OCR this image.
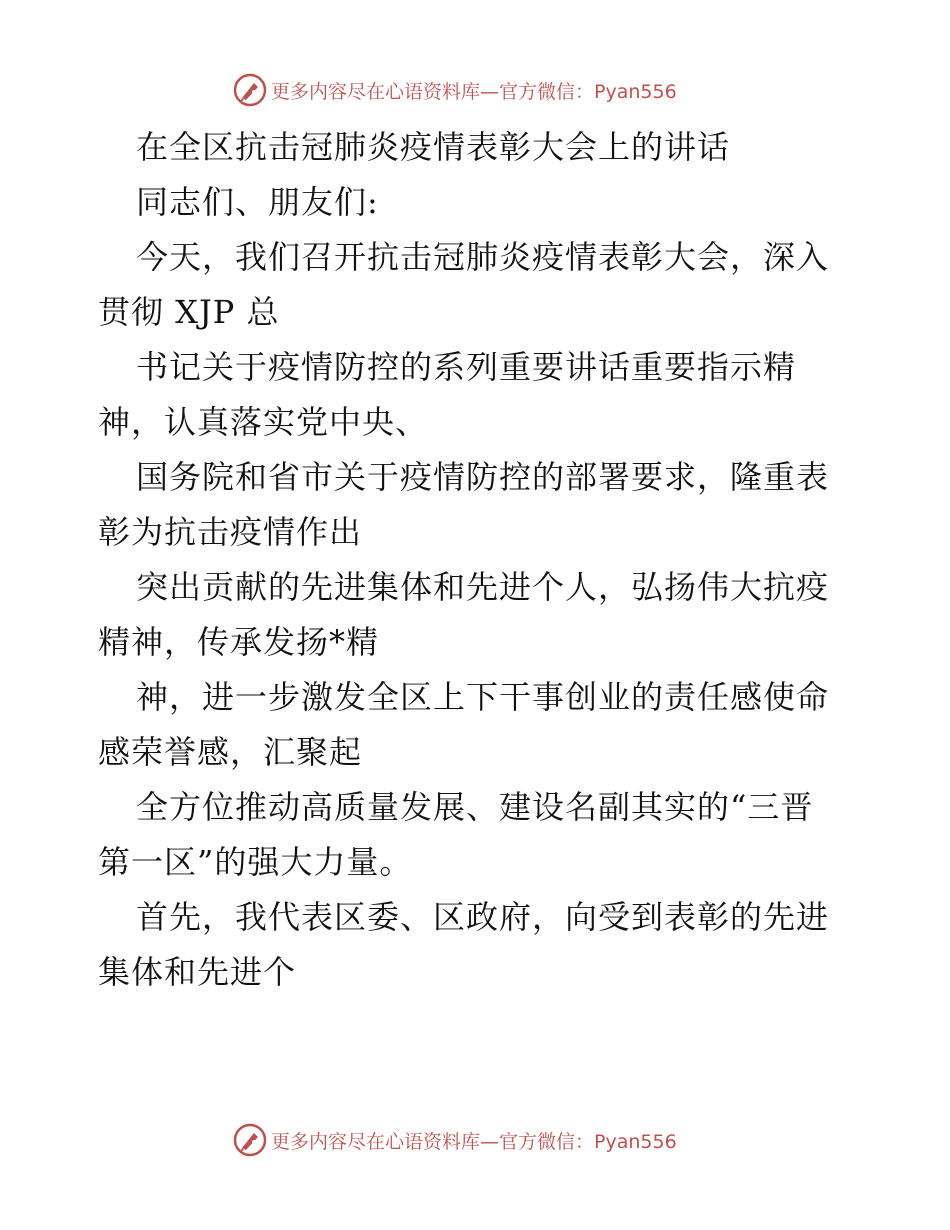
更多内容尽在心语资料库—官方微信：Pyan556
在全区抗击冠肺炎疫情表彰大会上的讲话
同志们、朋友们:
今天，我们召开抗击冠肺炎疫情表彰大会，深入
贯彻 XJP 总
书记关于疫情防控的系列重要讲话重要指示精
神，认真落实党中央、
国务院和省市关于疫情防控的部署要求，隆重表
彰为抗击疫情作出
突出贡献的先进集体和先进个人，弘扬伟大抗疫
精神，传承发扬*精
神，进一步激发全区上下干事创业的责任感使命
感荣誉感，汇聚起
全方位推动高质量发展、建设名副其实的“三晋
第一区”的强大力量。
首先，我代表区委、区政府，向受到表彰的先进
集体和先进个
更多内容尽在心语资料库—官方微信：Pyan556
